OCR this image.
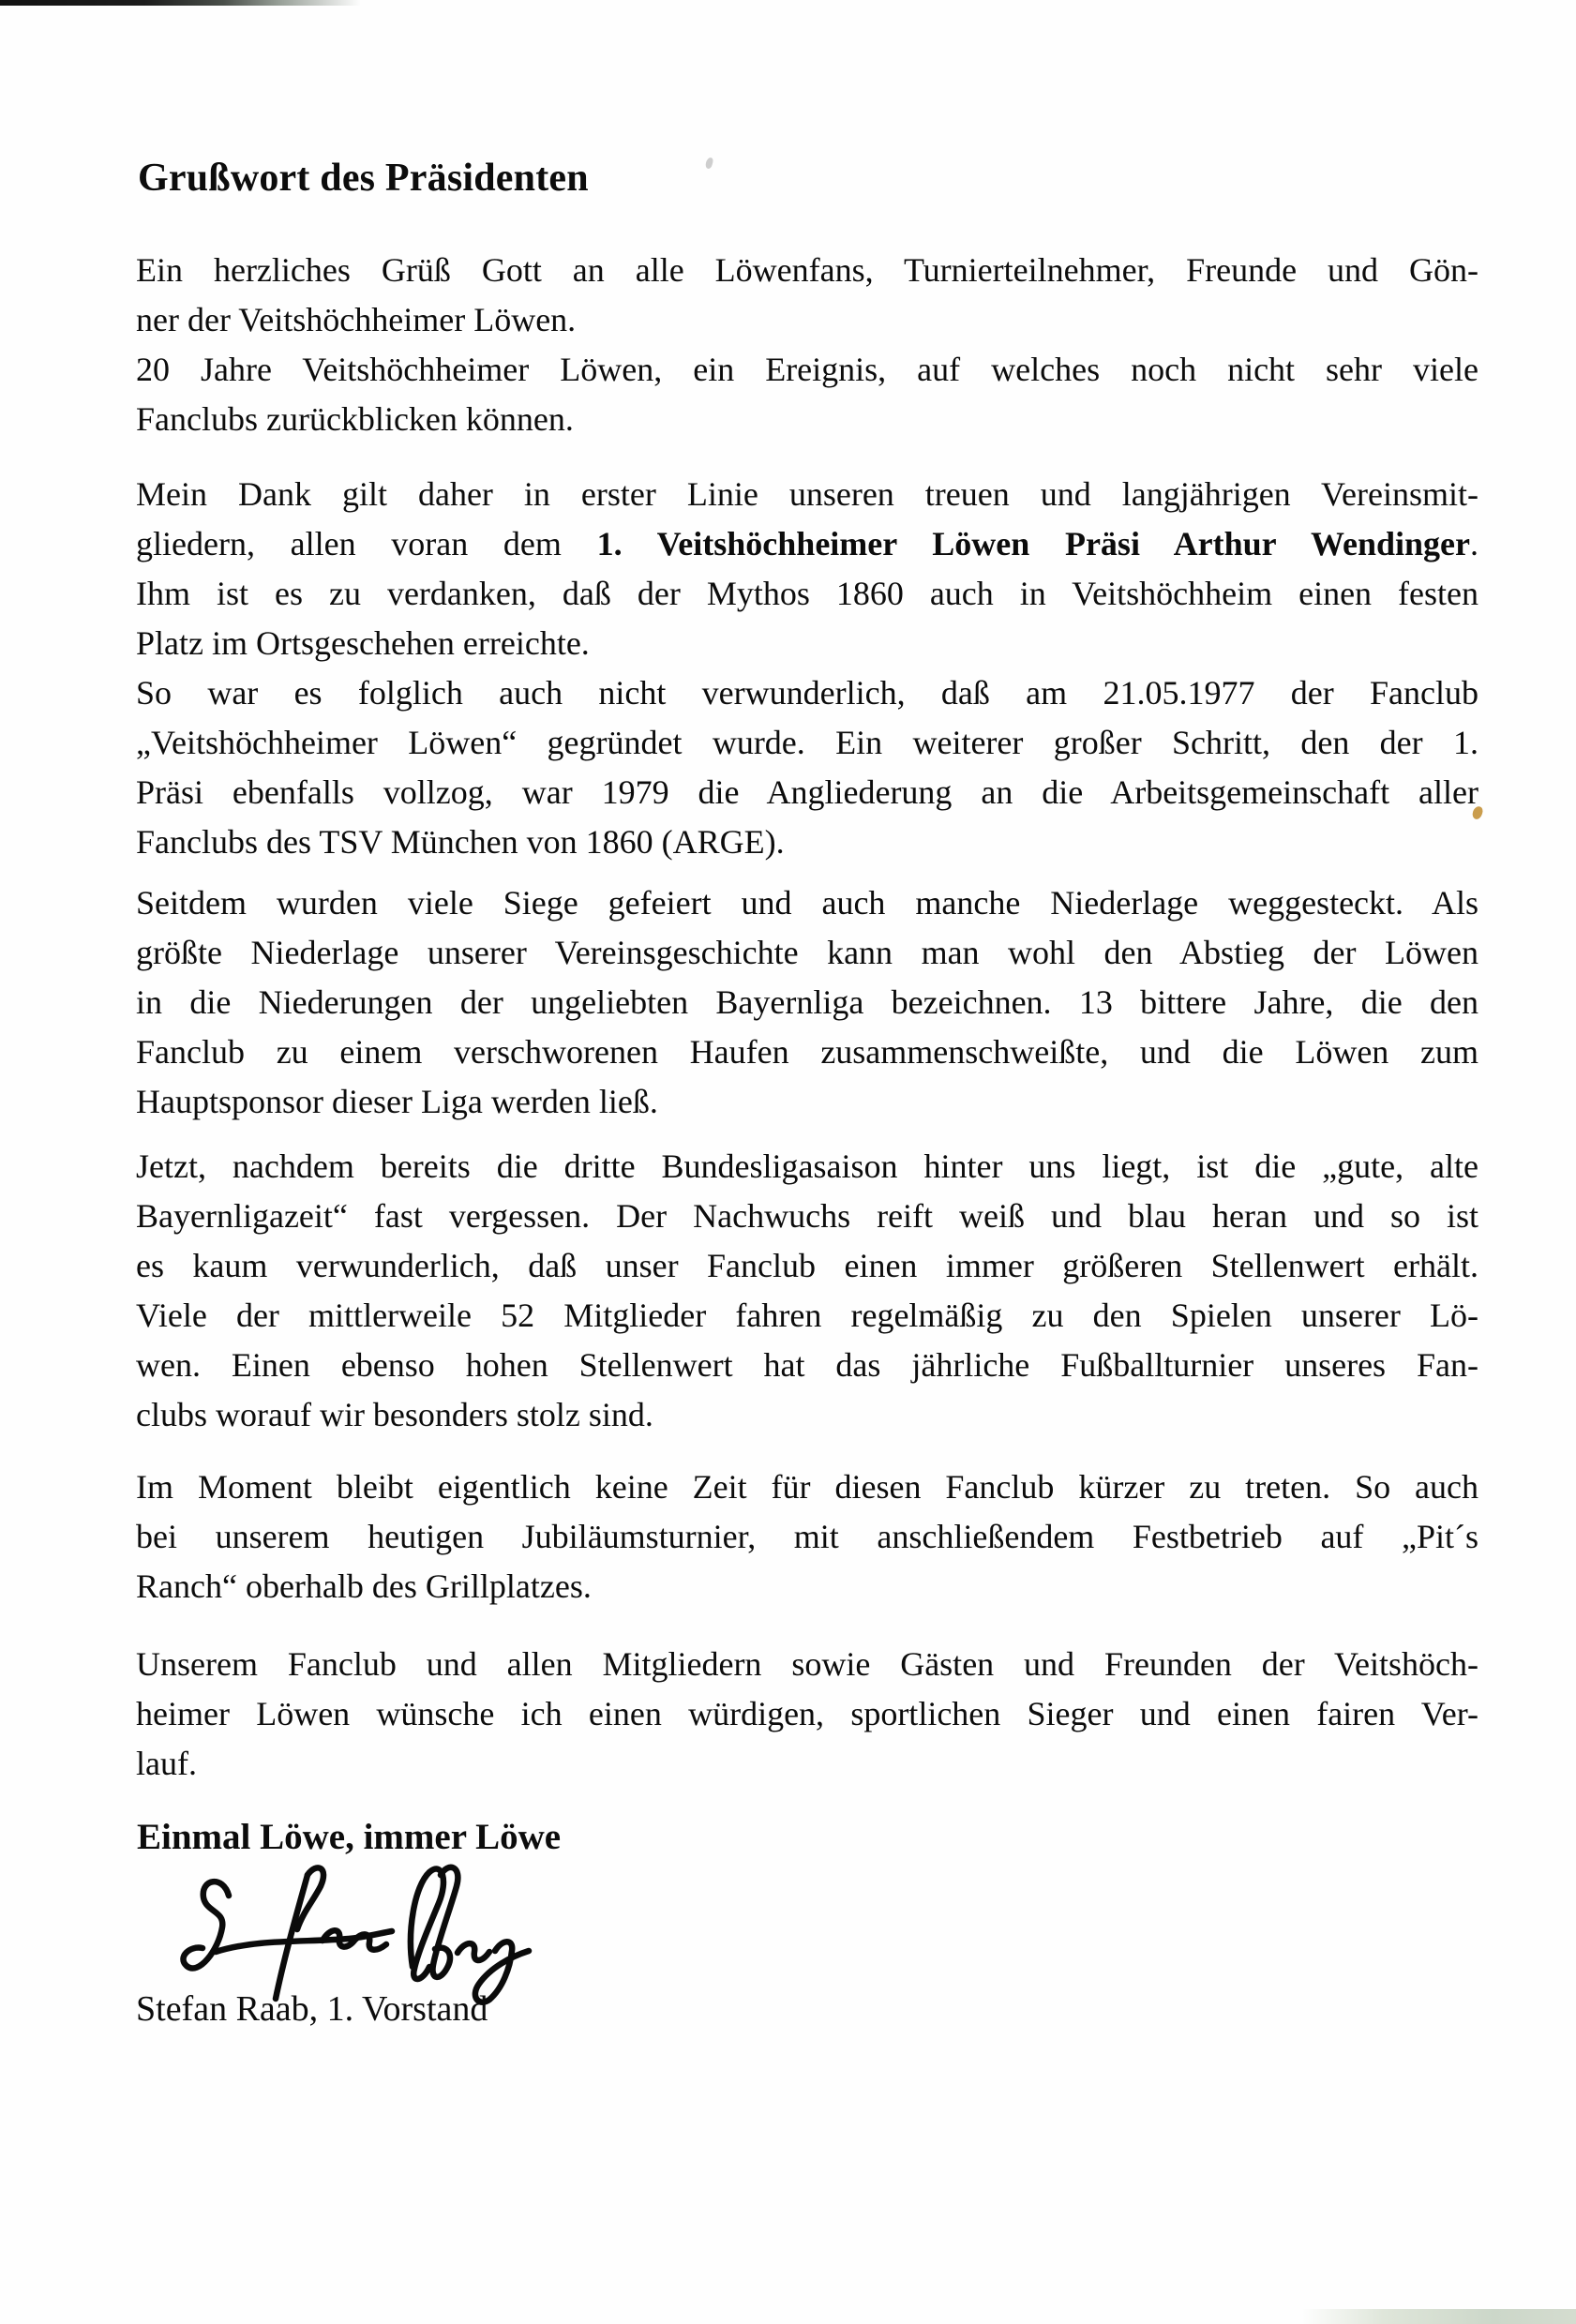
Grußwort des Präsidenten
Ein herzliches Grüß Gott an alle Löwenfans, Turnierteilnehmer, Freunde und Gön-
ner der Veitshöchheimer Löwen.
20 Jahre Veitshöchheimer Löwen, ein Ereignis, auf welches noch nicht sehr viele
Fanclubs zurückblicken können.
Mein Dank gilt daher in erster Linie unseren treuen und langjährigen Vereinsmit-
gliedern, allen voran dem 1. Veitshöchheimer Löwen Präsi Arthur Wendinger.
Ihm ist es zu verdanken, daß der Mythos 1860 auch in Veitshöchheim einen festen
Platz im Ortsgeschehen erreichte.
So war es folglich auch nicht verwunderlich, daß am 21.05.1977 der Fanclub
„Veitshöchheimer Löwen“ gegründet wurde. Ein weiterer großer Schritt, den der 1.
Präsi ebenfalls vollzog, war 1979 die Angliederung an die Arbeitsgemeinschaft aller
Fanclubs des TSV München von 1860 (ARGE).
Seitdem wurden viele Siege gefeiert und auch manche Niederlage weggesteckt. Als
größte Niederlage unserer Vereinsgeschichte kann man wohl den Abstieg der Löwen
in die Niederungen der ungeliebten Bayernliga bezeichnen. 13 bittere Jahre, die den
Fanclub zu einem verschworenen Haufen zusammenschweißte, und die Löwen zum
Hauptsponsor dieser Liga werden ließ.
Jetzt, nachdem bereits die dritte Bundesligasaison hinter uns liegt, ist die „gute, alte
Bayernligazeit“ fast vergessen. Der Nachwuchs reift weiß und blau heran und so ist
es kaum verwunderlich, daß unser Fanclub einen immer größeren Stellenwert erhält.
Viele der mittlerweile 52 Mitglieder fahren regelmäßig zu den Spielen unserer Lö-
wen. Einen ebenso hohen Stellenwert hat das jährliche Fußballturnier unseres Fan-
clubs worauf wir besonders stolz sind.
Im Moment bleibt eigentlich keine Zeit für diesen Fanclub kürzer zu treten. So auch
bei unserem heutigen Jubiläumsturnier, mit anschließendem Festbetrieb auf „Pit´s
Ranch“ oberhalb des Grillplatzes.
Unserem Fanclub und allen Mitgliedern sowie Gästen und Freunden der Veitshöch-
heimer Löwen wünsche ich einen würdigen, sportlichen Sieger und einen fairen Ver-
lauf.

Einmal Löwe, immer Löwe

Stefan Raab, 1. Vorstand
